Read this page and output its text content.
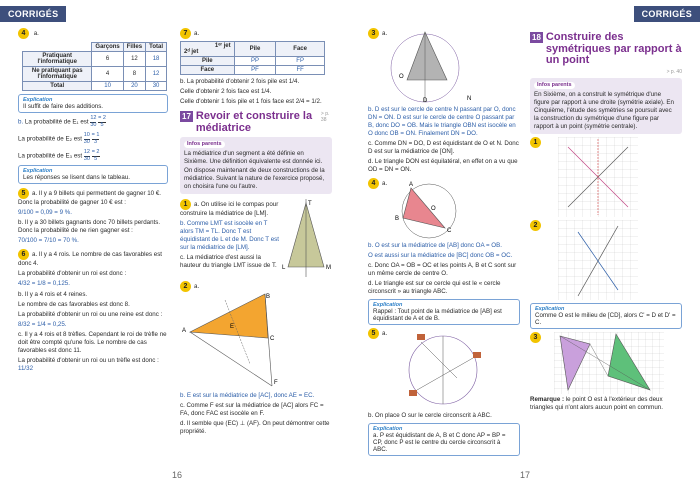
CORRIGÉS	CORRIGÉS
4 a.
	Garçons	Filles	Total
Pratiquant l'informatique	6	12	18
Ne pratiquant pas l'informatique	4	8	12
Total	10	20	30
Explication
Il suffit de faire des additions.
b. La probabilité de E₁ est $\frac{12}{30}$
$\frac{= 2}{5}$
La probabilité de E₂ est $\frac{10}{30}$
$\frac{= 1}{3}$
La probabilité de E₃ est $\frac{12}{30}$
$\frac{= 2}{5}$
Explication
Les réponses se lisent dans le tableau.
5 a. Il y a 9 billets qui permettent de gagner 10 €. Donc la probabilité de gagner 10 € est :
9/100 = 0,09 = 9 %.
b. Il y a 30 billets gagnants donc 70 billets perdants. Donc la probabilité de ne rien gagner est :
70/100 = 7/10 = 70 %.
6 a. Il y a 4 rois. Le nombre de cas favorables est donc 4.
La probabilité d'obtenir un roi est donc :
4/32 = 1/8 = 0,125.
b. Il y a 4 rois et 4 reines.
Le nombre de cas favorables est donc 8.
La probabilité d'obtenir un roi ou une reine est donc :
8/32 = 1/4 = 0,25.
c. Il y a 4 rois et 8 trèfles. Cependant le roi de trèfle ne doit être compté qu'une fois. Le nombre de cas favorables est donc 11.
La probabilité d'obtenir un roi ou un trèfle est donc : 11/32
7 a.
1ᵉʳ jet
2ᵈ jet	Pile	Face
Pile	PP	FP
Face	PF	FF
b. La probabilité d'obtenir 2 fois pile est 1/4.
Celle d'obtenir 2 fois face est 1/4.
Celle d'obtenir 1 fois pile et 1 fois face est 2/4 = 1/2.
17 Revoir et construire la médiatrice
> p. 38
Infos parents
La médiatrice d'un segment a été définie en Sixième. Une définition équivalente est donnée ici. On dispose maintenant de deux constructions de la médiatrice. Suivant la nature de l'exercice proposé, on choisira l'une ou l'autre.
1 a. On utilise ici le compas pour construire la médiatrice de [LM].
b. Comme LMT est isocèle en T alors TM = TL. Donc T est équidistant de L et de M. Donc T est sur la médiatrice de [LM].
c. La médiatrice d'est aussi la hauteur du triangle LMT issue de T.
T
L	M
2 a.
A
B
C
E
F
b. E est sur la médiatrice de [AC], donc AE = EC.
c. Comme F est sur la médiatrice de [AC] alors FC = FA, donc FAC est isocèle en F.
d. Il semble que (EC) ⊥ (AF). On peut démontrer cette propriété.
16	17
3 a.
O
D	N
b. D est sur le cercle de centre N passant par O, donc DN = ON. D est sur le cercle de centre O passant par B, donc DO = OB. Mais le triangle OBN est isocèle en O donc OB = ON. Finalement DN = DO.
c. Comme DN = DO, D est équidistant de O et N. Donc D est sur la médiatrice de [ON].
d. Le triangle DON est équilatéral, en effet on a vu que OD = DN = ON.
4 a.	A
B
C
O
b. O est sur la médiatrice de [AB] donc OA = OB.
O est aussi sur la médiatrice de [BC] donc OB = OC.
c. Donc OA = OB = OC et les points A, B et C sont sur un même cercle de centre O.
d. Le triangle est sur ce cercle qui est le « cercle circonscrit » au triangle ABC.
Explication
Rappel : Tout point de la médiatrice de [AB] est équidistant de A et de B.
5 a.
b. On place O sur le cercle circonscrit à ABC.
Explication
a. P est équidistant de A, B et C donc AP = BP = CP, donc P est le centre du cercle circonscrit à ABC.
18 Construire des symétriques par rapport à un point
> p. 40
Infos parents
En Sixième, on a construit le symétrique d'une figure par rapport à une droite (symétrie axiale). En Cinquième, l'étude des symétries se poursuit avec la construction du symétrique d'une figure par rapport à un point (symétrie centrale).
1
2
Explication
Comme O est le milieu de [CD], alors C' = D et D' = C.
3
Remarque : le point O est à l'extérieur des deux triangles qui n'ont alors aucun point en commun.
